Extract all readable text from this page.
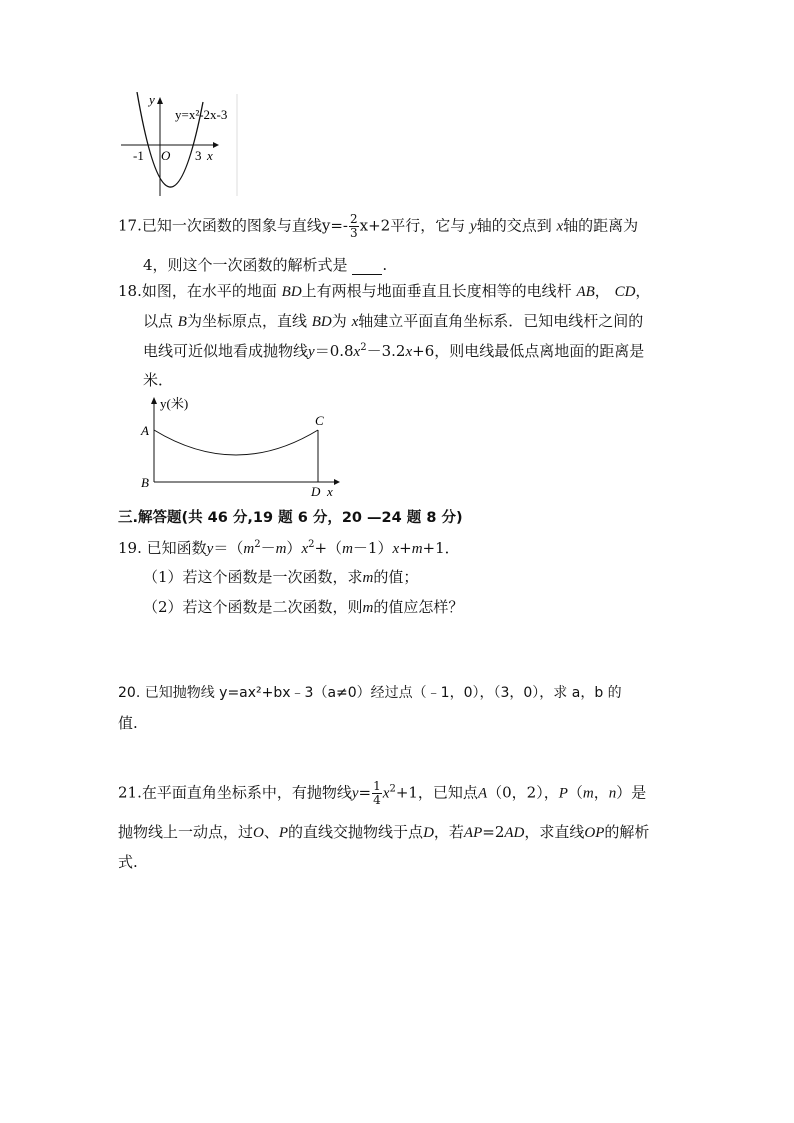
y
y=x²-2x-3
-1 O 3 x
17.已知一次函数的图象与直线$y=- \frac{2}{3} x+2$平行，它与 y轴的交点到 x轴的距离为
4，则这个一次函数的解析式是 .
18.如图，在水平的地面 BD上有两根与地面垂直且长度相等的电线杆 AB， CD，
以点 B为坐标原点，直线 BD为 x轴建立平面直角坐标系．已知电线杆之间的
电线可近似地看成抛物线$y=0.8x^2-3.2x+6$，则电线最低点离地面的距离是
米．
y(米)
A
C
B
D x
三.解答题(共 46 分,19 题 6 分，20 —24 题 8 分)
19. 已知函数$y=(m^2-m)x^2+(m-1)x+m+1$．
（1）若这个函数是一次函数，求m的值；
（2）若这个函数是二次函数，则m的值应怎样？
20. 已知抛物线 y=ax²+bx﹣3（a≠0）经过点（﹣1，0），（3，0），求 a，b 的
值.
21.在平面直角坐标系中，有抛物线$y= \frac{1}{4} x^2+1$，已知点A（0，2），P（m，n）是
抛物线上一动点，过O、P的直线交抛物线于点D，若AP=2AD，求直线OP的解析
式.
